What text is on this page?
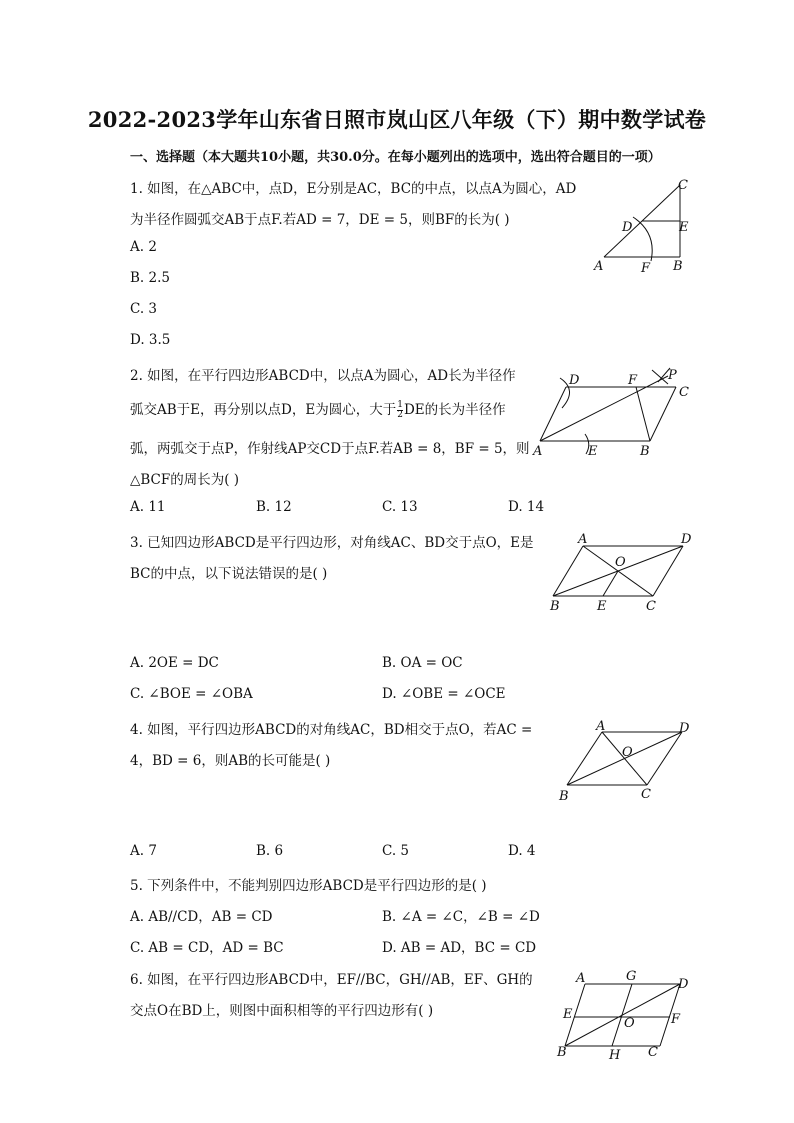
2022-2023学年山东省日照市岚山区八年级（下）期中数学试卷
一、选择题（本大题共10小题，共30.0分。在每小题列出的选项中，选出符合题目的一项）
1. 如图，在△ABC中，点D，E分别是AC，BC的中点，以点A为圆心，AD
为半径作圆弧交AB于点F.若AD = 7，DE = 5，则BF的长为( )
A. 2
B. 2.5
C. 3
D. 3.5
C
D	E
A	F B
2. 如图，在平行四边形ABCD中，以点A为圆心，AD长为半径作
弧交AB于E，再分别以点D，E为圆心，大于 $\frac{1}{2}$ DE的长为半径作
弧，两弧交于点P，作射线AP交CD于点F.若AB = 8，BF = 5，则
△BCF的周长为( )
A. 11	B. 12	C. 13	D. 14
D	F P
C
A	E	B
3. 已知四边形ABCD是平行四边形，对角线AC、BD交于点O，E是
BC的中点，以下说法错误的是( )
A. 2OE = DC	B. OA = OC
C. ∠BOE = ∠OBA	D. ∠OBE = ∠OCE
A	D
O
B	E	C
4. 如图，平行四边形ABCD的对角线AC，BD相交于点O，若AC =
4，BD = 6，则AB的长可能是( )
A. 7	B. 6	C. 5	D. 4
A	D
O
B	C
5. 下列条件中，不能判别四边形ABCD是平行四边形的是( )
A. AB//CD，AB = CD	B. ∠A = ∠C，∠B = ∠D
C. AB = CD，AD = BC	D. AB = AD，BC = CD
6. 如图，在平行四边形ABCD中，EF//BC，GH//AB，EF、GH的
交点O在BD上，则图中面积相等的平行四边形有( )
A	G
D
E
O	F
B	H C
